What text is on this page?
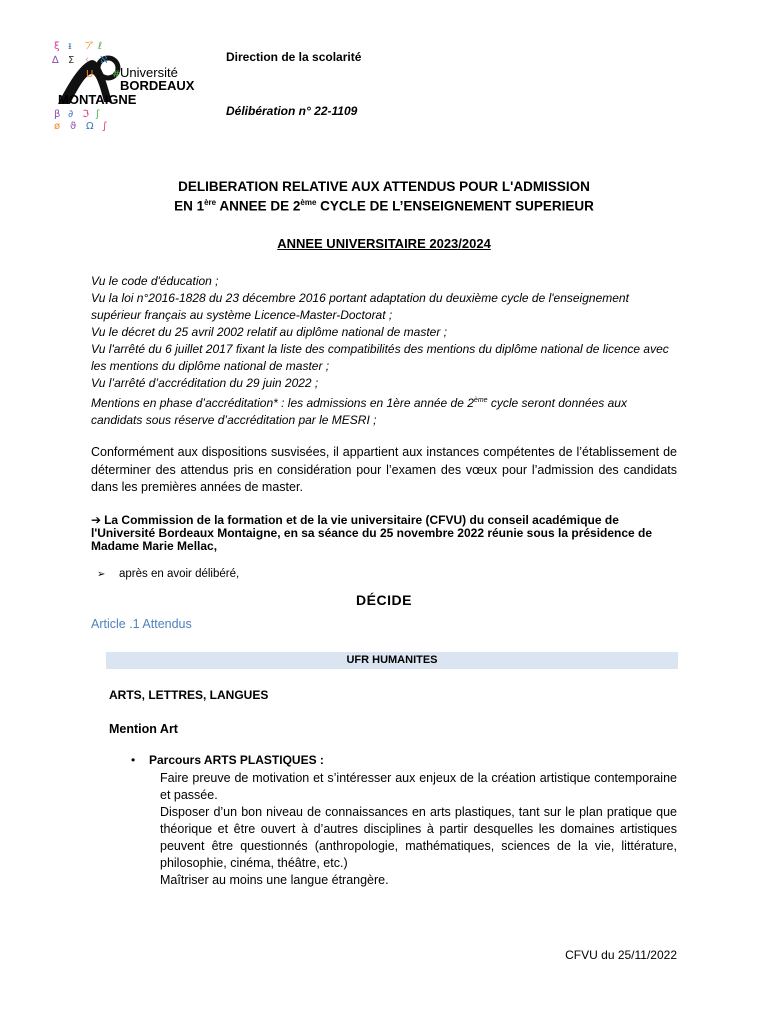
ξ ᵻ ア ℓ
∆ Σ ᚲ ℵ
U #
β ∂ ℑ ʃ
ø ϑ Ω ∫
Université
BORDEAUX
MONTAIGNE
Direction de la scolarité
Délibération n° 22-1109
DELIBERATION RELATIVE AUX ATTENDUS POUR L'ADMISSION
EN 1ère ANNEE DE 2ème CYCLE DE L’ENSEIGNEMENT SUPERIEUR
ANNEE UNIVERSITAIRE 2023/2024
Vu le code d'éducation ;
Vu la loi n°2016-1828 du 23 décembre 2016 portant adaptation du deuxième cycle de l'enseignement supérieur français au système Licence-Master-Doctorat ;
Vu le décret du 25 avril 2002 relatif au diplôme national de master ;
Vu l'arrêté du 6 juillet 2017 fixant la liste des compatibilités des mentions du diplôme national de licence avec les mentions du diplôme national de master ;
Vu l’arrêté d’accréditation du 29 juin 2022 ;
Mentions en phase d’accréditation* : les admissions en 1ère année de 2ème cycle seront données aux candidats sous réserve d’accréditation par le MESRI ;
Conformément aux dispositions susvisées, il appartient aux instances compétentes de l’établissement de déterminer des attendus pris en considération pour l’examen des vœux pour l’admission des candidats dans les premières années de master.
➔ La Commission de la formation et de la vie universitaire (CFVU) du conseil académique de l'Université Bordeaux Montaigne, en sa séance du 25 novembre 2022 réunie sous la présidence de Madame Marie Mellac,
➢ après en avoir délibéré,
DÉCIDE
Article .1 Attendus
UFR HUMANITES
ARTS, LETTRES, LANGUES
Mention Art
• Parcours ARTS PLASTIQUES :
Faire preuve de motivation et s’intéresser aux enjeux de la création artistique contemporaine et passée.
Disposer d’un bon niveau de connaissances en arts plastiques, tant sur le plan pratique que théorique et être ouvert à d’autres disciplines à partir desquelles les domaines artistiques peuvent être questionnés (anthropologie, mathématiques, sciences de la vie, littérature, philosophie, cinéma, théâtre, etc.)
Maîtriser au moins une langue étrangère.
CFVU du 25/11/2022
